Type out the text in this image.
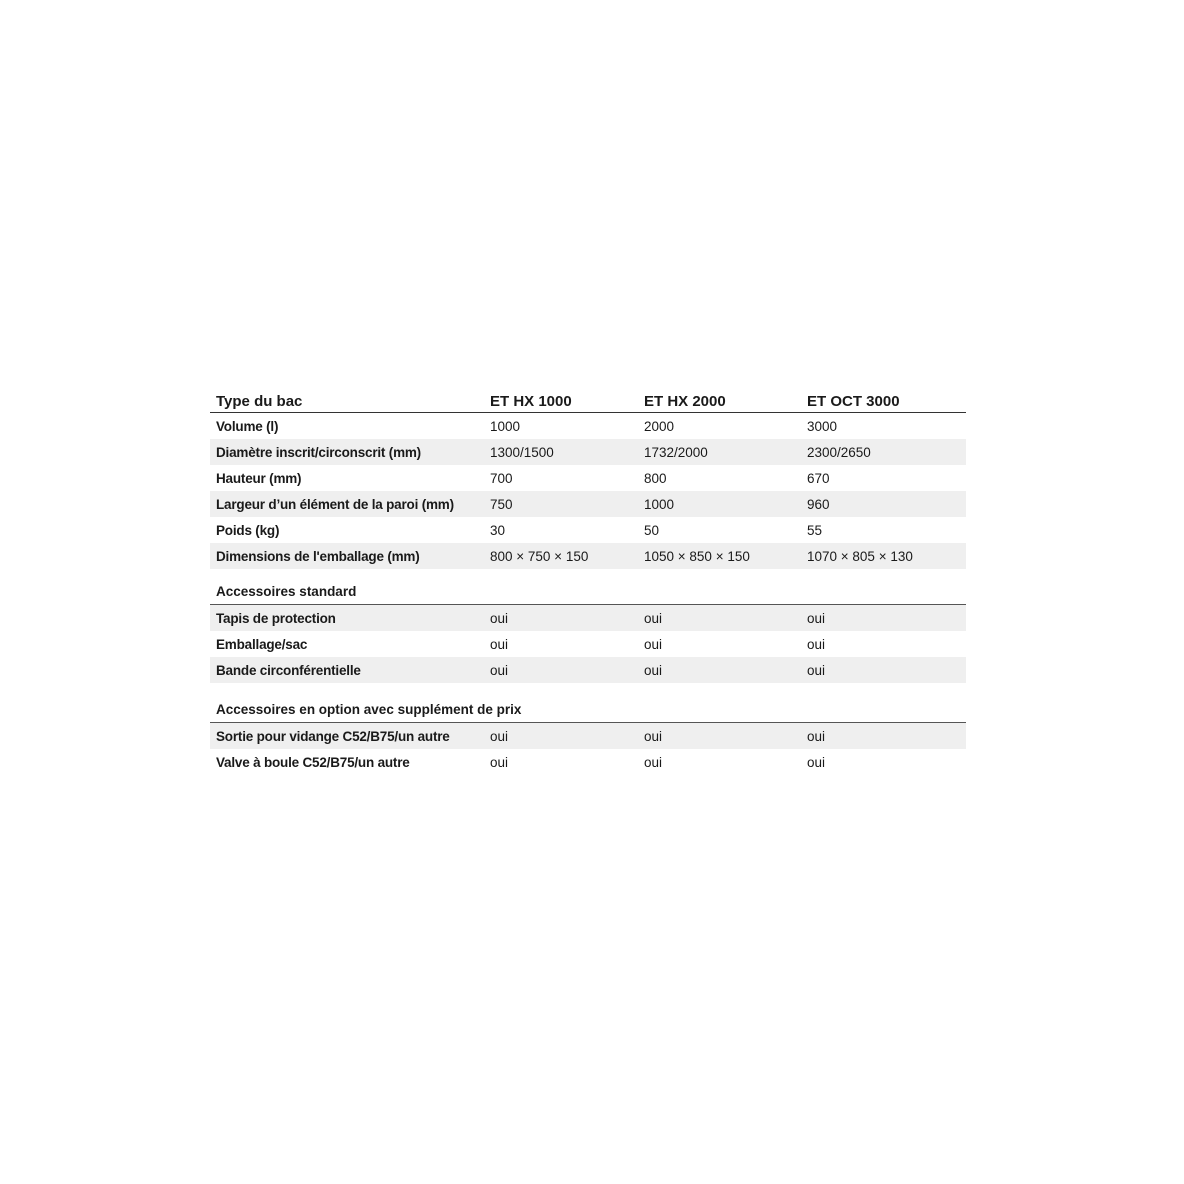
Type du bac	ET HX 1000	ET HX 2000	ET OCT 3000
Volume (l)	1000	2000	3000
Diamètre inscrit/circonscrit (mm)	1300/1500	1732/2000	2300/2650
Hauteur (mm)	700	800	670
Largeur d’un élément de la paroi (mm)	750	1000	960
Poids (kg)	30	50	55
Dimensions de l'emballage (mm)	800 × 750 × 150	1050 × 850 × 150	1070 × 805 × 130

Accessoires standard			
Tapis de protection	oui	oui	oui
Emballage/sac	oui	oui	oui
Bande circonférentielle	oui	oui	oui

Accessoires en option avec supplément de prix			
Sortie pour vidange C52/B75/un autre	oui	oui	oui
Valve à boule C52/B75/un autre	oui	oui	oui
